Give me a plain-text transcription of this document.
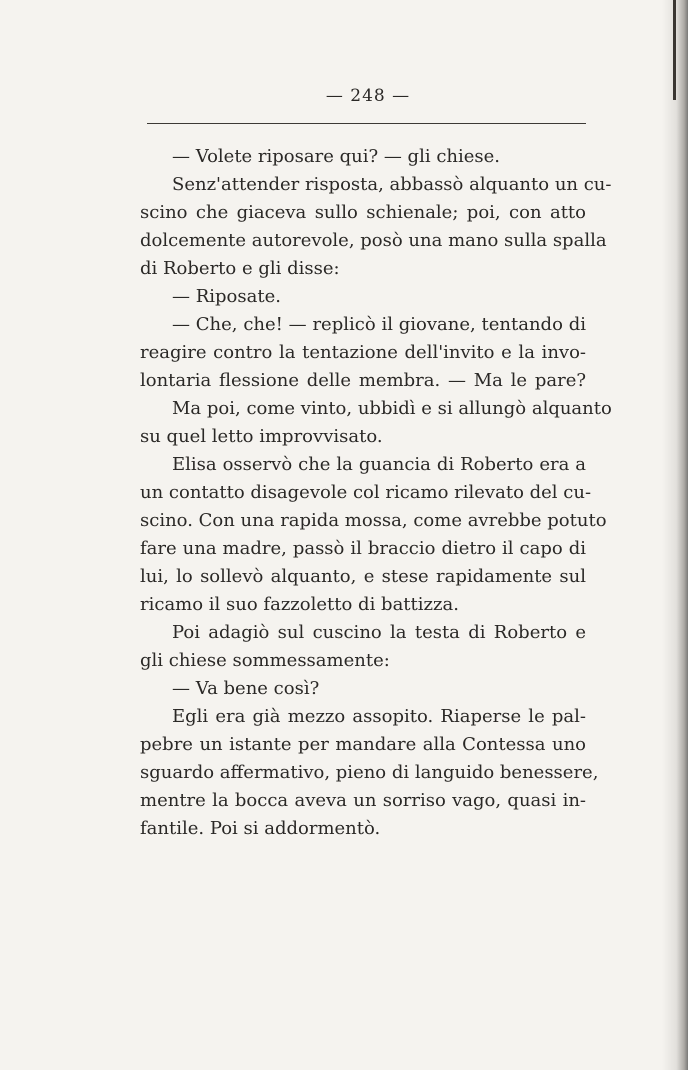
— 248 —
— Volete riposare qui? — gli chiese.
Senz'attender risposta, abbassò alquanto un cu-
scino che giaceva sullo schienale; poi, con atto
dolcemente autorevole, posò una mano sulla spalla
di Roberto e gli disse:
— Riposate.
— Che, che! — replicò il giovane, tentando di
reagire contro la tentazione dell'invito e la invo-
lontaria flessione delle membra. — Ma le pare?
Ma poi, come vinto, ubbidì e si allungò alquanto
su quel letto improvvisato.
Elisa osservò che la guancia di Roberto era a
un contatto disagevole col ricamo rilevato del cu-
scino. Con una rapida mossa, come avrebbe potuto
fare una madre, passò il braccio dietro il capo di
lui, lo sollevò alquanto, e stese rapidamente sul
ricamo il suo fazzoletto di battizza.
Poi adagiò sul cuscino la testa di Roberto e
gli chiese sommessamente:
— Va bene così?
Egli era già mezzo assopito. Riaperse le pal-
pebre un istante per mandare alla Contessa uno
sguardo affermativo, pieno di languido benessere,
mentre la bocca aveva un sorriso vago, quasi in-
fantile. Poi si addormentò.
